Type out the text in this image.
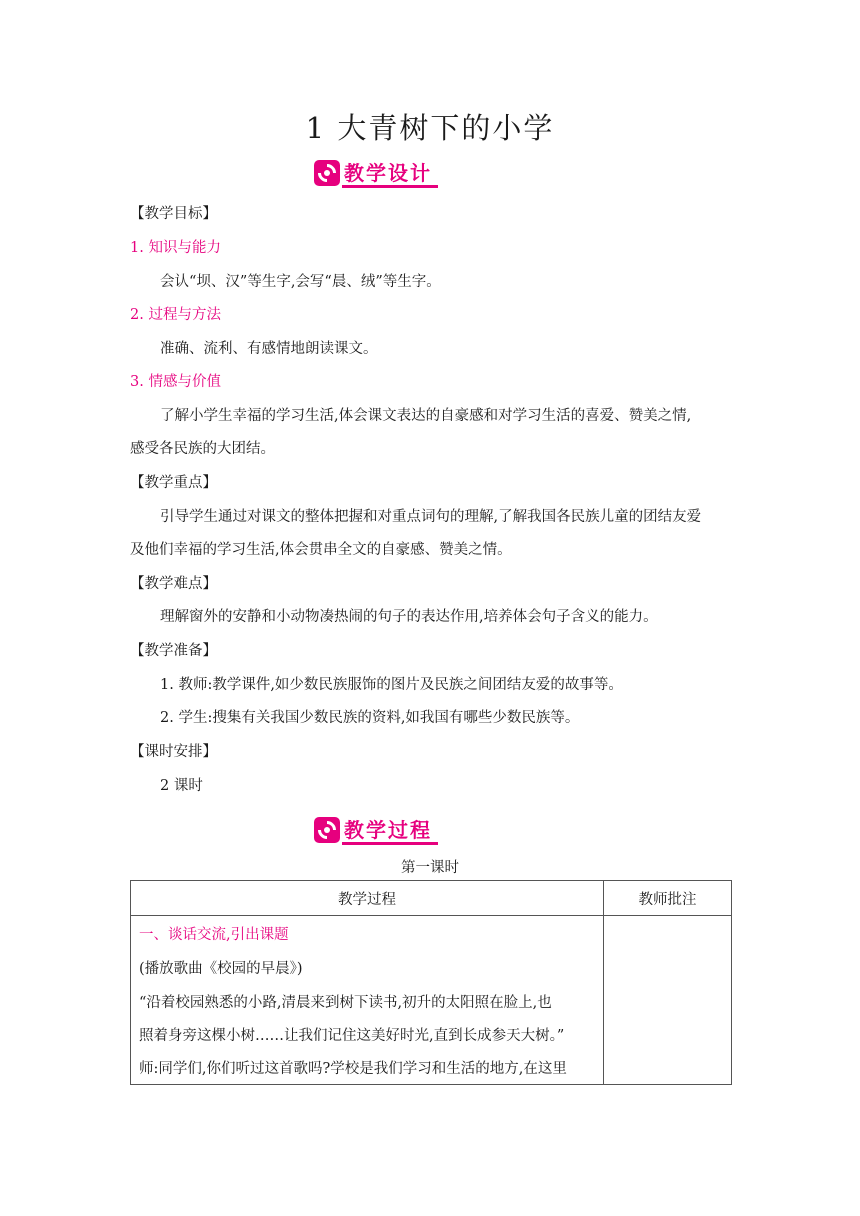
1 大青树下的小学
教学设计
【教学目标】
1. 知识与能力
会认“坝、汉”等生字,会写“晨、绒”等生字。
2. 过程与方法
准确、流利、有感情地朗读课文。
3. 情感与价值
了解小学生幸福的学习生活,体会课文表达的自豪感和对学习生活的喜爱、赞美之情,
感受各民族的大团结。
【教学重点】
引导学生通过对课文的整体把握和对重点词句的理解,了解我国各民族儿童的团结友爱
及他们幸福的学习生活,体会贯串全文的自豪感、赞美之情。
【教学难点】
理解窗外的安静和小动物凑热闹的句子的表达作用,培养体会句子含义的能力。
【教学准备】
1. 教师:教学课件,如少数民族服饰的图片及民族之间团结友爱的故事等。
2. 学生:搜集有关我国少数民族的资料,如我国有哪些少数民族等。
【课时安排】
2 课时
教学过程
第一课时
教学过程	教师批注

一、谈话交流,引出课题
(播放歌曲《校园的早晨》)
“沿着校园熟悉的小路,清晨来到树下读书,初升的太阳照在脸上,也
照着身旁这棵小树……让我们记住这美好时光,直到长成参天大树。”
师:同学们,你们听过这首歌吗?学校是我们学习和生活的地方,在这里	
